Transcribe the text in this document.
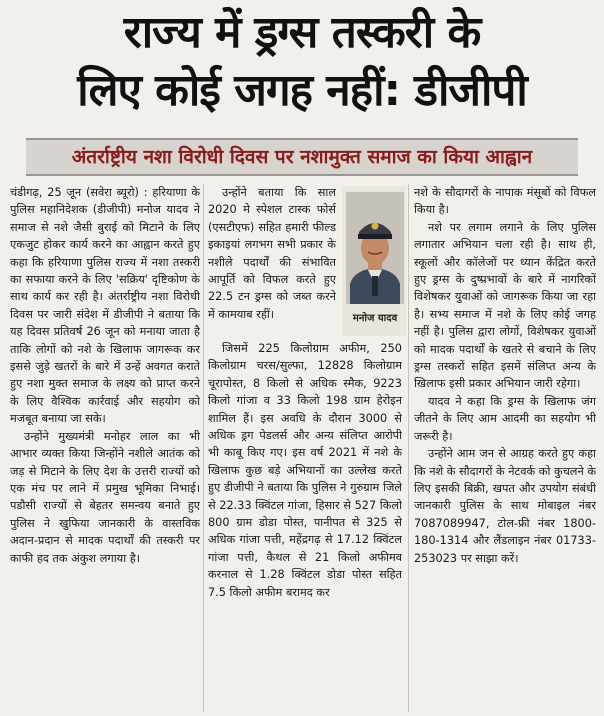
राज्य में ड्रग्स तस्करी के
लिए कोई जगह नहीं: डीजीपी
अंतर्राष्ट्रीय नशा विरोधी दिवस पर नशामुक्त समाज का किया आह्वान

चंडीगढ़, 25 जून (सवेरा ब्यूरो) : हरियाणा के पुलिस महानिदेशक (डीजीपी) मनोज यादव ने समाज से नशे जैसी बुराई को मिटाने के लिए एकजुट होकर कार्य करने का आह्वान करते हुए कहा कि हरियाणा पुलिस राज्य में नशा तस्करी का सफाया करने के लिए 'सक्रिय' दृष्टिकोण के साथ कार्य कर रही है। अंतर्राष्ट्रीय नशा विरोधी दिवस पर जारी संदेश में डीजीपी ने बताया कि यह दिवस प्रतिवर्ष 26 जून को मनाया जाता है ताकि लोगों को नशे के खिलाफ जागरूक कर इससे जुड़े खतरों के बारे में उन्हें अवगत कराते हुए नशा मुक्त समाज के लक्ष्य को प्राप्त करने के लिए वैश्विक कार्रवाई और सहयोग को मजबूत बनाया जा सके।

उन्होंने मुख्यमंत्री मनोहर लाल का भी आभार व्यक्त किया जिन्होंने नशीले आतंक को जड़ से मिटाने के लिए देश के उत्तरी राज्यों को एक मंच पर लाने में प्रमुख भूमिका निभाई। पडौसी राज्यों से बेहतर समन्वय बनाते हुए पुलिस ने खुफिया जानकारी के वास्तविक अदान-प्रदान से मादक पदार्थों की तस्करी पर काफी हद तक अंकुश लगाया है।

उन्होंने बताया कि साल 2020 मे स्पेशल टास्क फोर्स (एसटीएफ) सहित हमारी फील्ड इकाइयां लगभग सभी प्रकार के नशीले पदार्थों की संभावित आपूर्ति को विफल करते हुए 22.5 टन ड्रग्स को जब्त करने में कामयाब रहीं।	मनोज यादव

जिसमें 225 किलोग्राम अफीम, 250 किलोग्राम चरस/सुल्फा, 12828 किलोग्राम चूरापोस्त, 8 किलो से अधिक स्मैक, 9223 किलो गांजा व 33 किलो 198 ग्राम हेरोइन शामिल हैं। इस अवधि के दौरान 3000 से अधिक ड्रग पेडलर्स और अन्य संलिप्त आरोपी भी काबू किए गए। इस वर्ष 2021 में नशे के खिलाफ कुछ बड़े अभियानों का उल्लेख करते हुए डीजीपी ने बताया कि पुलिस ने गुरुग्राम जिले से 22.33 क्विंटल गांजा, हिसार से 527 किलो 800 ग्राम डोडा पोस्त, पानीपत से 325 से अधिक गांजा पत्ती, महेंद्रगढ़ से 17.12 क्विंटल गांजा पत्ती, कैथल से 21 किलो अफीमव करनाल से 1.28 क्विंटल डोडा पोस्त सहित 7.5 किलो अफीम बरामद कर

नशे के सौदागरों के नापाक मंसूबों को विफल किया है।

नशे पर लगाम लगाने के लिए पुलिस लगातार अभियान चला रही है। साथ ही, स्कूलों और कॉलेजों पर ध्यान केंद्रित करते हुए ड्रग्स के दुष्प्रभावों के बारे में नागरिकों विशेषकर युवाओं को जागरूक किया जा रहा है। सभ्य समाज में नशे के लिए कोई जगह नहीं है। पुलिस द्वारा लोगों, विशेषकर युवाओं को मादक पदार्थों के खतरे से बचाने के लिए ड्रग्स तस्करों सहित इसमें संलिप्त अन्य के खिलाफ इसी प्रकार अभियान जारी रहेगा।

यादव ने कहा कि ड्रग्स के खिलाफ जंग जीतने के लिए आम आदमी का सहयोग भी जरूरी है।

उन्होंने आम जन से आग्रह करते हुए कहा कि नशे के सौदागरों के नेटवर्क को कुचलने के लिए इसकी बिक्री, खपत और उपयोग संबंधी जानकारी पुलिस के साथ मोबाइल नंबर 7087089947, टोल-फ्री नंबर 1800-180-1314 और लैंडलाइन नंबर 01733-253023 पर साझा करें।
